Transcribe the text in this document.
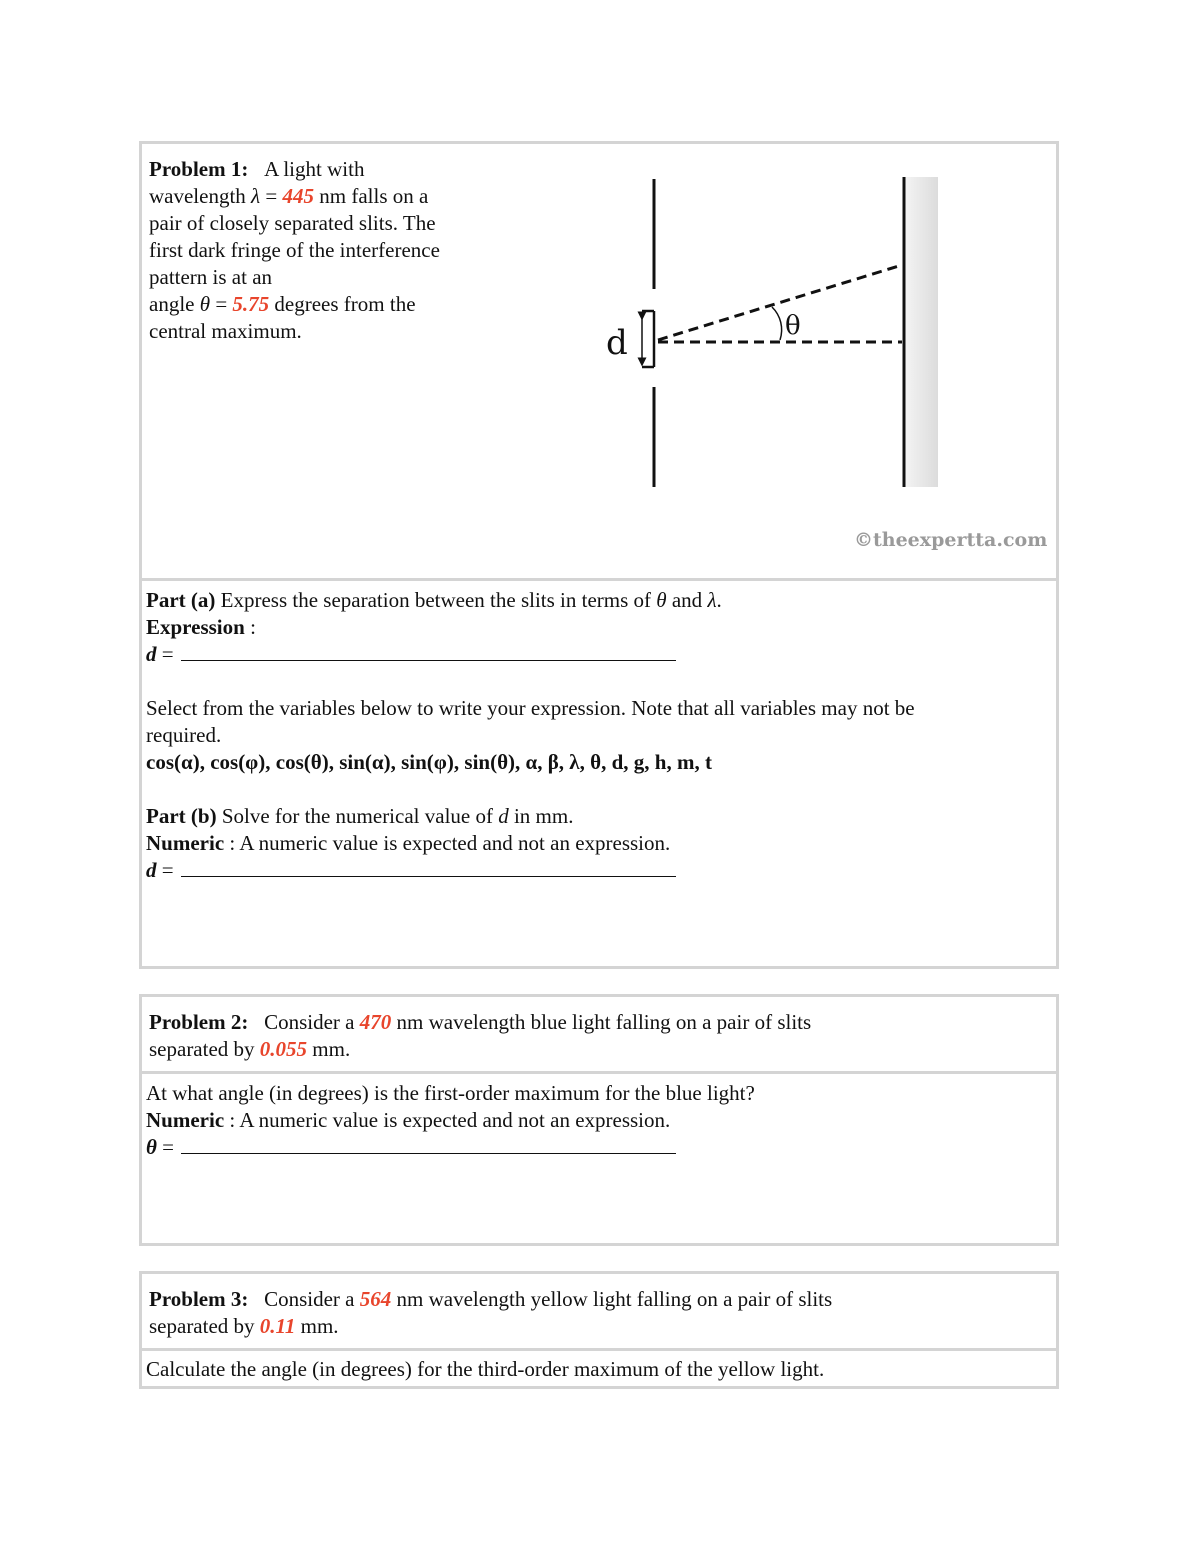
Problem 1: A light with
wavelength λ = 445 nm falls on a
pair of closely separated slits. The
first dark fringe of the interference
pattern is at an
angle θ = 5.75 degrees from the
central maximum.	d	θ
©theexpertta.com
Part (a) Express the separation between the slits in terms of θ and λ.
Expression :
d =
Select from the variables below to write your expression. Note that all variables may not be
required.
cos(α), cos(φ), cos(θ), sin(α), sin(φ), sin(θ), α, β, λ, θ, d, g, h, m, t
Part (b) Solve for the numerical value of d in mm.
Numeric : A numeric value is expected and not an expression.
d =
Problem 2: Consider a 470 nm wavelength blue light falling on a pair of slits
separated by 0.055 mm.
At what angle (in degrees) is the first-order maximum for the blue light?
Numeric : A numeric value is expected and not an expression.
θ =
Problem 3: Consider a 564 nm wavelength yellow light falling on a pair of slits
separated by 0.11 mm.
Calculate the angle (in degrees) for the third-order maximum of the yellow light.
